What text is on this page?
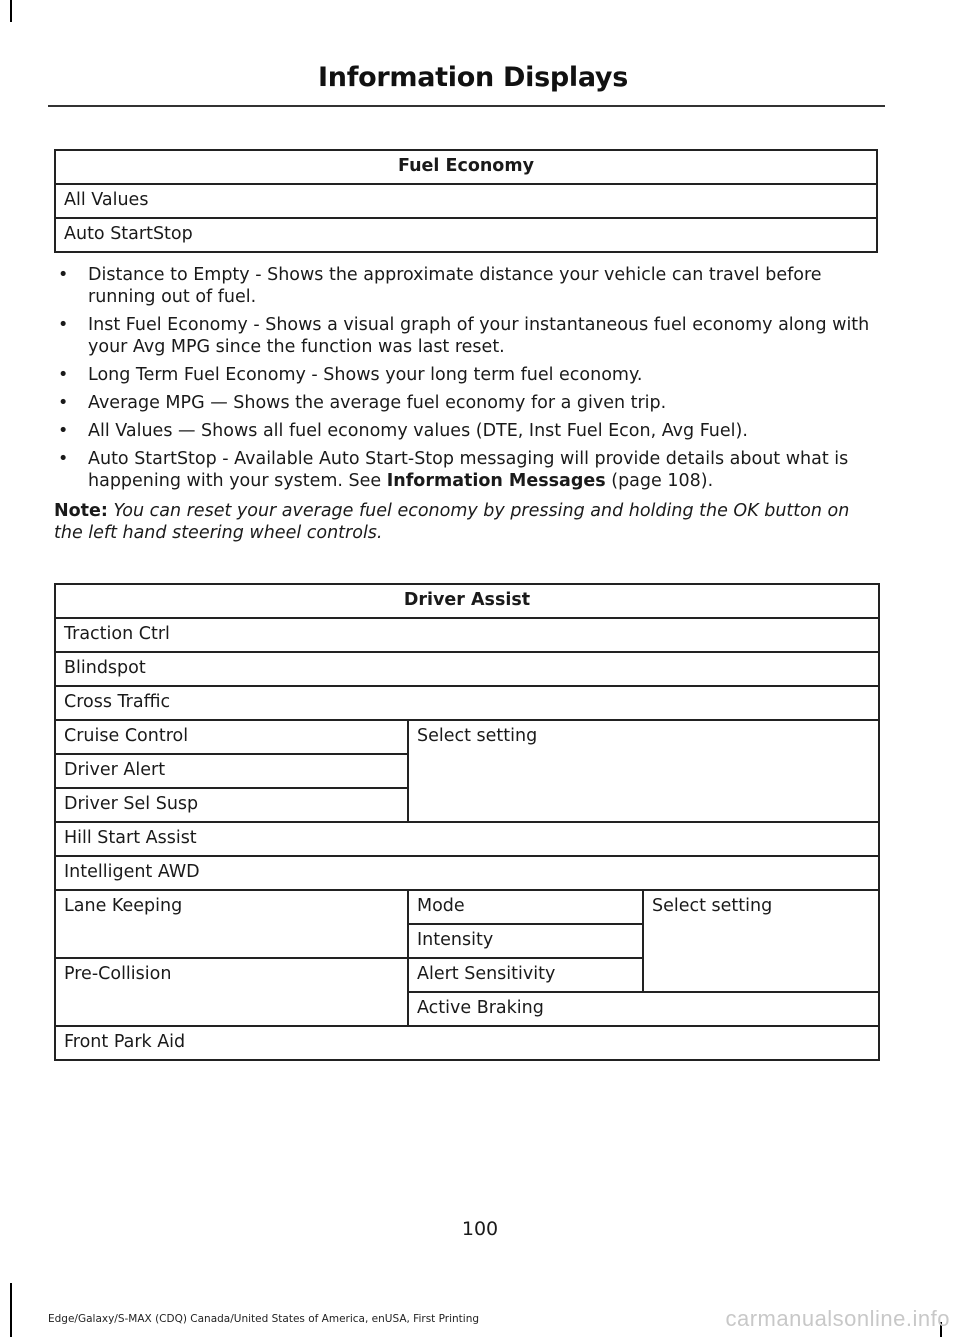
Information Displays
Fuel Economy
All Values
Auto StartStop
• Distance to Empty - Shows the approximate distance your vehicle can travel before running out of fuel.
• Inst Fuel Economy - Shows a visual graph of your instantaneous fuel economy along with your Avg MPG since the function was last reset.
• Long Term Fuel Economy - Shows your long term fuel economy.
• Average MPG — Shows the average fuel economy for a given trip.
• All Values — Shows all fuel economy values (DTE, Inst Fuel Econ, Avg Fuel).
• Auto StartStop - Available Auto Start-Stop messaging will provide details about what is happening with your system. See Information Messages (page 108).
Note: You can reset your average fuel economy by pressing and holding the OK button on the left hand steering wheel controls.
Driver Assist		
Traction Ctrl		
Blindspot		
Cross Traffic		
Cruise Control	Select setting	
Driver Alert		
Driver Sel Susp		
Hill Start Assist		
Intelligent AWD		
Lane Keeping	Mode	Select setting
	Intensity	
Pre-Collision	Alert Sensitivity	
	Active Braking	
Front Park Aid		
100
Edge/Galaxy/S-MAX (CDQ) Canada/United States of America, enUSA, First Printing	carmanualsonline.info
